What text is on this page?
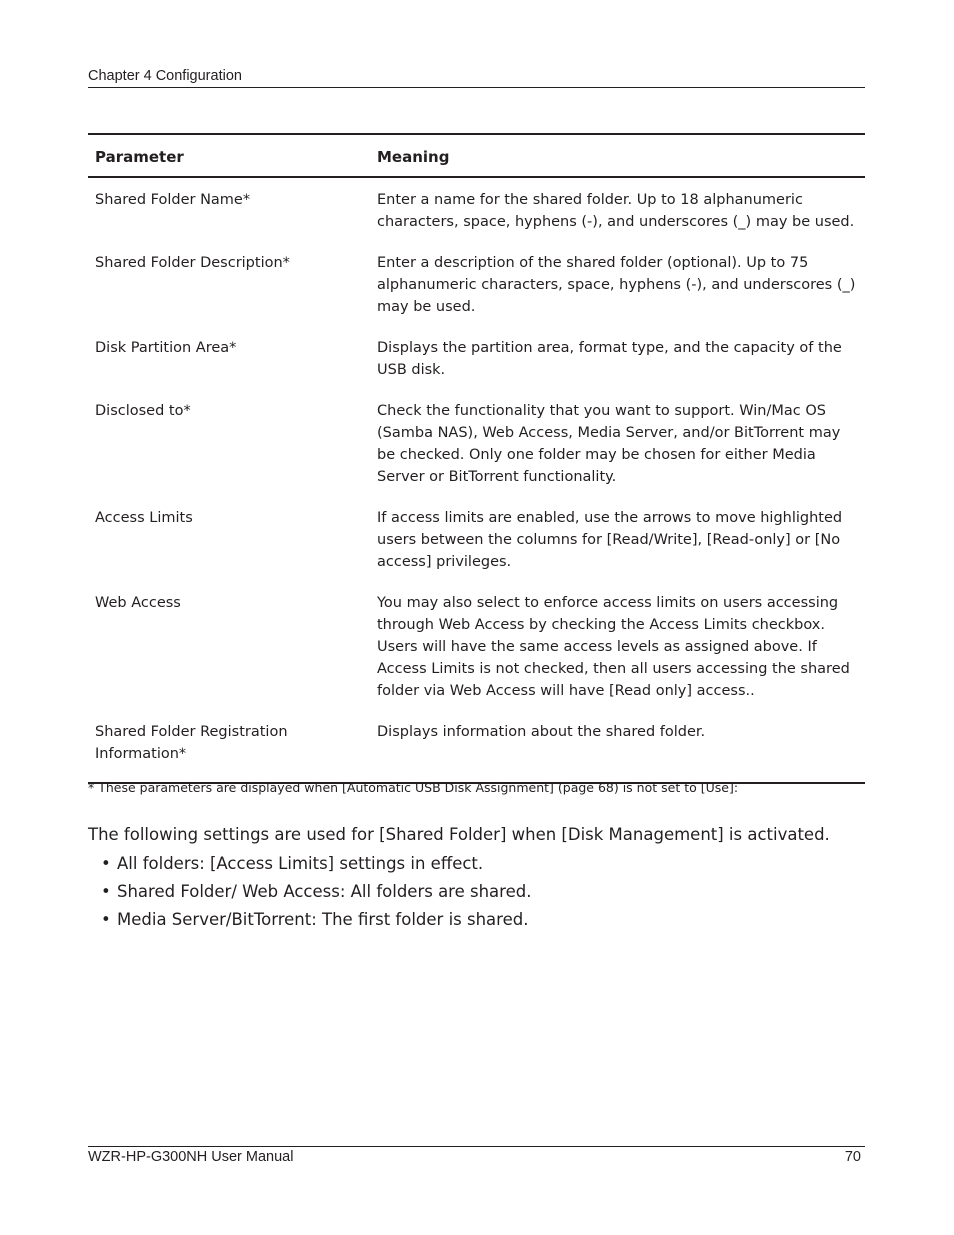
Chapter 4 Configuration
Parameter	Meaning
Shared Folder Name*	Enter a name for the shared folder. Up to 18 alphanumeric characters, space, hyphens (-), and underscores (_) may be used.
Shared Folder Description*	Enter a description of the shared folder (optional). Up to 75 alphanumeric characters, space, hyphens (-), and underscores (_) may be used.
Disk Partition Area*	Displays the partition area, format type, and the capacity of the USB disk.
Disclosed to*	Check the functionality that you want to support. Win/Mac OS (Samba NAS), Web Access, Media Server, and/or BitTorrent may be checked. Only one folder may be chosen for either Media Server or BitTorrent functionality.
Access Limits	If access limits are enabled, use the arrows to move highlighted users between the columns for [Read/Write], [Read-only] or [No access] privileges.
Web Access	You may also select to enforce access limits on users accessing through Web Access by checking the Access Limits checkbox. Users will have the same access levels as assigned above. If Access Limits is not checked, then all users accessing the shared folder via Web Access will have [Read only] access..
Shared Folder Registration Information*	Displays information about the shared folder.
* These parameters are displayed when [Automatic USB Disk Assignment] (page 68) is not set to [Use]:
The following settings are used for [Shared Folder] when [Disk Management] is activated.
• All folders: [Access Limits] settings in effect.
• Shared Folder/ Web Access: All folders are shared.
• Media Server/BitTorrent: The first folder is shared.
WZR-HP-G300NH User Manual	70
